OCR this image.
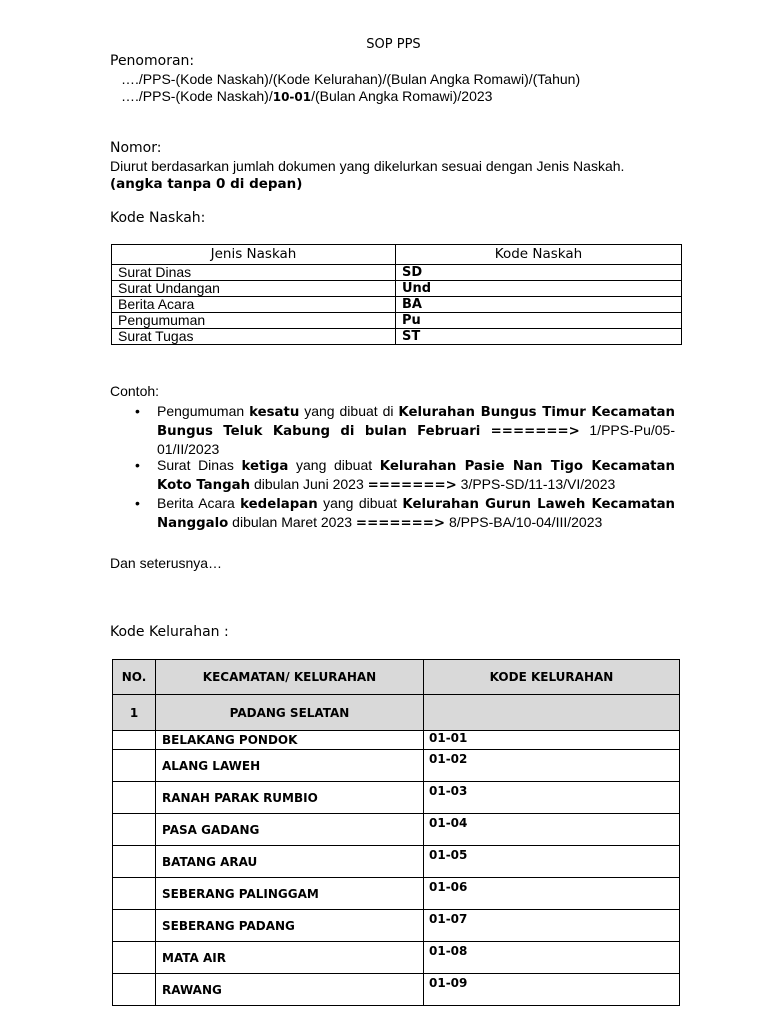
SOP PPS
Penomoran:
…./PPS-(Kode Naskah)/(Kode Kelurahan)/(Bulan Angka Romawi)/(Tahun)
…./PPS-(Kode Naskah)/10-01/(Bulan Angka Romawi)/2023
Nomor:
Diurut berdasarkan jumlah dokumen yang dikelurkan sesuai dengan Jenis Naskah.
(angka tanpa 0 di depan)
Kode Naskah:
Jenis Naskah	Kode Naskah
Surat Dinas	SD
Surat Undangan	Und
Berita Acara	BA
Pengumuman	Pu
Surat Tugas	ST
Contoh:
• Pengumuman kesatu yang dibuat di Kelurahan Bungus Timur Kecamatan Bungus Teluk Kabung di bulan Februari =======> 1/PPS-Pu/05-01/II/2023
• Surat Dinas ketiga yang dibuat Kelurahan Pasie Nan Tigo Kecamatan Koto Tangah dibulan Juni 2023 =======> 3/PPS-SD/11-13/VI/2023
• Berita Acara kedelapan yang dibuat Kelurahan Gurun Laweh Kecamatan Nanggalo dibulan Maret 2023 =======> 8/PPS-BA/10-04/III/2023
Dan seterusnya…
Kode Kelurahan :
NO.	KECAMATAN/ KELURAHAN	KODE KELURAHAN
1	PADANG SELATAN	
	BELAKANG PONDOK	01-01
	ALANG LAWEH	01-02
	RANAH PARAK RUMBIO	01-03
	PASA GADANG	01-04
	BATANG ARAU	01-05
	SEBERANG PALINGGAM	01-06
	SEBERANG PADANG	01-07
	MATA AIR	01-08
	RAWANG	01-09
